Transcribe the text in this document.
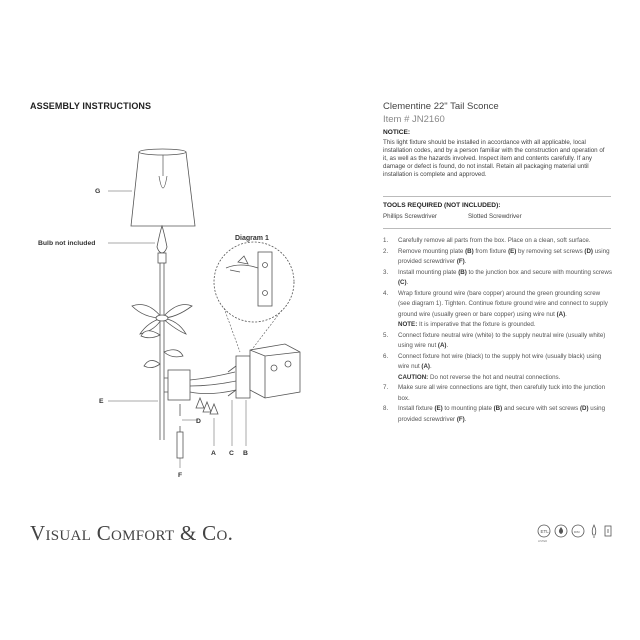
ASSEMBLY INSTRUCTIONS
G
Bulb not included
Diagram 1
E
D
A C B
F
Clementine 22" Tail Sconce
Item # JN2160
NOTICE:
This light fixture should be installed in accordance with all applicable, local installation codes, and by a person familiar with the construction and operation of it, as well as the hazards involved. Inspect item and contents carefully. If any damage or defect is found, do not install. Retain all packaging material until installation is complete and approved.
TOOLS REQUIRED (NOT INCLUDED):
Phillips Screwdriver	Slotted Screwdriver
1.	Carefully remove all parts from the box. Place on a clean, soft surface.
2.	Remove mounting plate (B) from fixture (E) by removing set screws (D) using provided screwdriver (F).
3.	Install mounting plate (B) to the junction box and secure with mounting screws (C).
4.	Wrap fixture ground wire (bare copper) around the green grounding screw (see diagram 1). Tighten. Continue fixture ground wire and connect to supply ground wire (usually green or bare copper) using wire nut (A).
NOTE: It is imperative that the fixture is grounded.
5.	Connect fixture neutral wire (white) to the supply neutral wire (usually white) using wire nut (A).
6.	Connect fixture hot wire (black) to the supply hot wire (usually black) using wire nut (A).
CAUTION: Do not reverse the hot and neutral connections.
7.	Make sure all wire connections are tight, then carefully tuck into the junction box.
8.	Install fixture (E) to mounting plate (B) and secure with set screws (D) using provided screwdriver (F).
VISUAL COMFORT & CO.	ETL
LISTED
DIM
